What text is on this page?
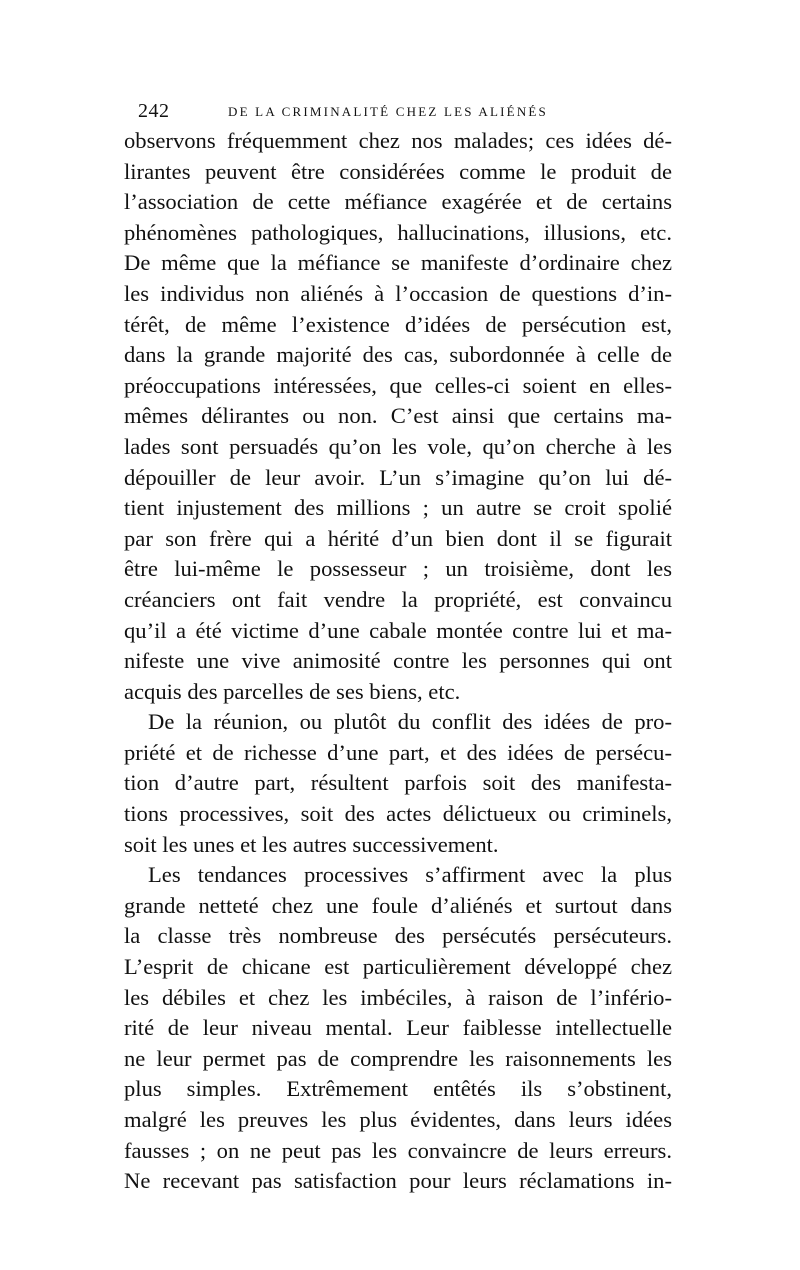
242	DE LA CRIMINALITÉ CHEZ LES ALIÉNÉS
observons fréquemment chez nos malades; ces idées dé-
lirantes peuvent être considérées comme le produit de
l’association de cette méfiance exagérée et de certains
phénomènes pathologiques, hallucinations, illusions, etc.
De même que la méfiance se manifeste d’ordinaire chez
les individus non aliénés à l’occasion de questions d’in-
térêt, de même l’existence d’idées de persécution est,
dans la grande majorité des cas, subordonnée à celle de
préoccupations intéressées, que celles-ci soient en elles-
mêmes délirantes ou non. C’est ainsi que certains ma-
lades sont persuadés qu’on les vole, qu’on cherche à les
dépouiller de leur avoir. L’un s’imagine qu’on lui dé-
tient injustement des millions ; un autre se croit spolié
par son frère qui a hérité d’un bien dont il se figurait
être lui-même le possesseur ; un troisième, dont les
créanciers ont fait vendre la propriété, est convaincu
qu’il a été victime d’une cabale montée contre lui et ma-
nifeste une vive animosité contre les personnes qui ont
acquis des parcelles de ses biens, etc.
De la réunion, ou plutôt du conflit des idées de pro-
priété et de richesse d’une part, et des idées de persécu-
tion d’autre part, résultent parfois soit des manifesta-
tions processives, soit des actes délictueux ou criminels,
soit les unes et les autres successivement.
Les tendances processives s’affirment avec la plus
grande netteté chez une foule d’aliénés et surtout dans
la classe très nombreuse des persécutés persécuteurs.
L’esprit de chicane est particulièrement développé chez
les débiles et chez les imbéciles, à raison de l’infério-
rité de leur niveau mental. Leur faiblesse intellectuelle
ne leur permet pas de comprendre les raisonnements les
plus simples. Extrêmement entêtés ils s’obstinent,
malgré les preuves les plus évidentes, dans leurs idées
fausses ; on ne peut pas les convaincre de leurs erreurs.
Ne recevant pas satisfaction pour leurs réclamations in-
